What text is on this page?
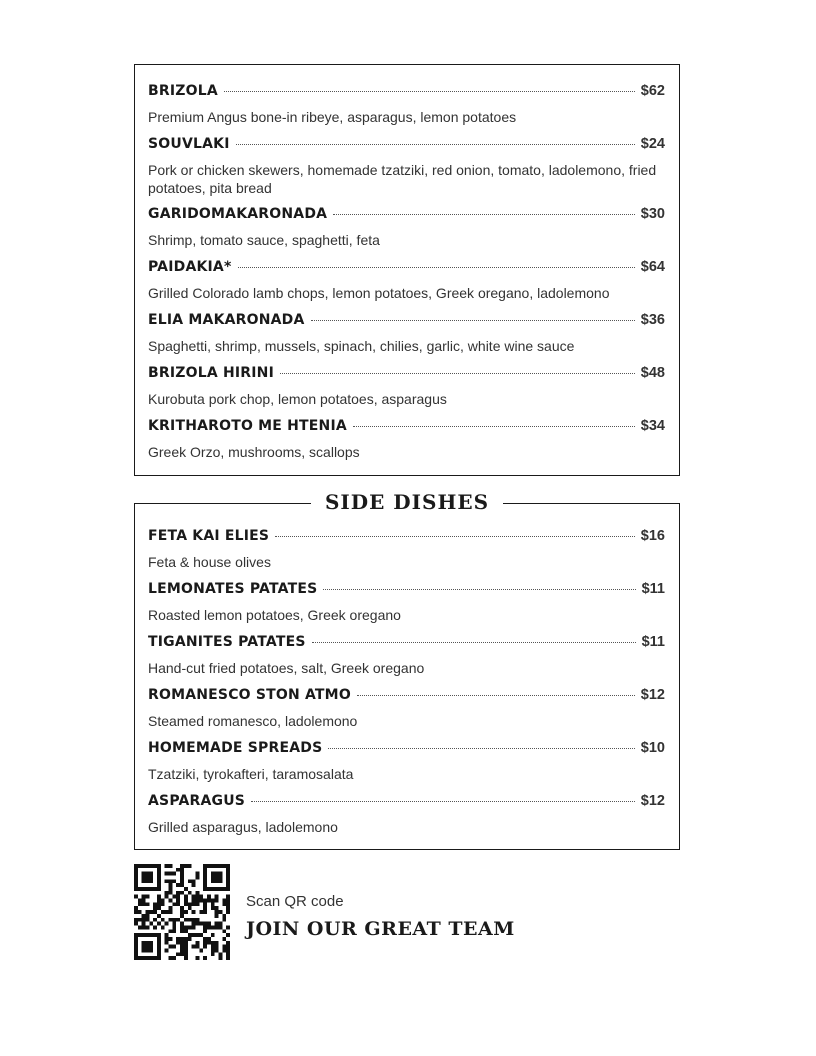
BRIZOLA	$62
Premium Angus bone-in ribeye, asparagus, lemon potatoes
SOUVLAKI	$24
Pork or chicken skewers, homemade tzatziki, red onion, tomato, ladolemono, fried potatoes, pita bread
GARIDOMAKARONADA	$30
Shrimp, tomato sauce, spaghetti, feta
PAIDAKIA*	$64
Grilled Colorado lamb chops, lemon potatoes, Greek oregano, ladolemono
ELIA MAKARONADA	$36
Spaghetti, shrimp, mussels, spinach, chilies, garlic, white wine sauce
BRIZOLA HIRINI	$48
Kurobuta pork chop, lemon potatoes, asparagus
KRITHAROTO ME HTENIA	$34
Greek Orzo, mushrooms, scallops
SIDE DISHES
FETA KAI ELIES	$16
Feta & house olives
LEMONATES PATATES	$11
Roasted lemon potatoes, Greek oregano
TIGANITES PATATES	$11
Hand-cut fried potatoes, salt, Greek oregano
ROMANESCO STON ATMO	$12
Steamed romanesco, ladolemono
HOMEMADE SPREADS	$10
Tzatziki, tyrokafteri, taramosalata
ASPARAGUS	$12
Grilled asparagus, ladolemono
Scan QR code
JOIN OUR GREAT TEAM
